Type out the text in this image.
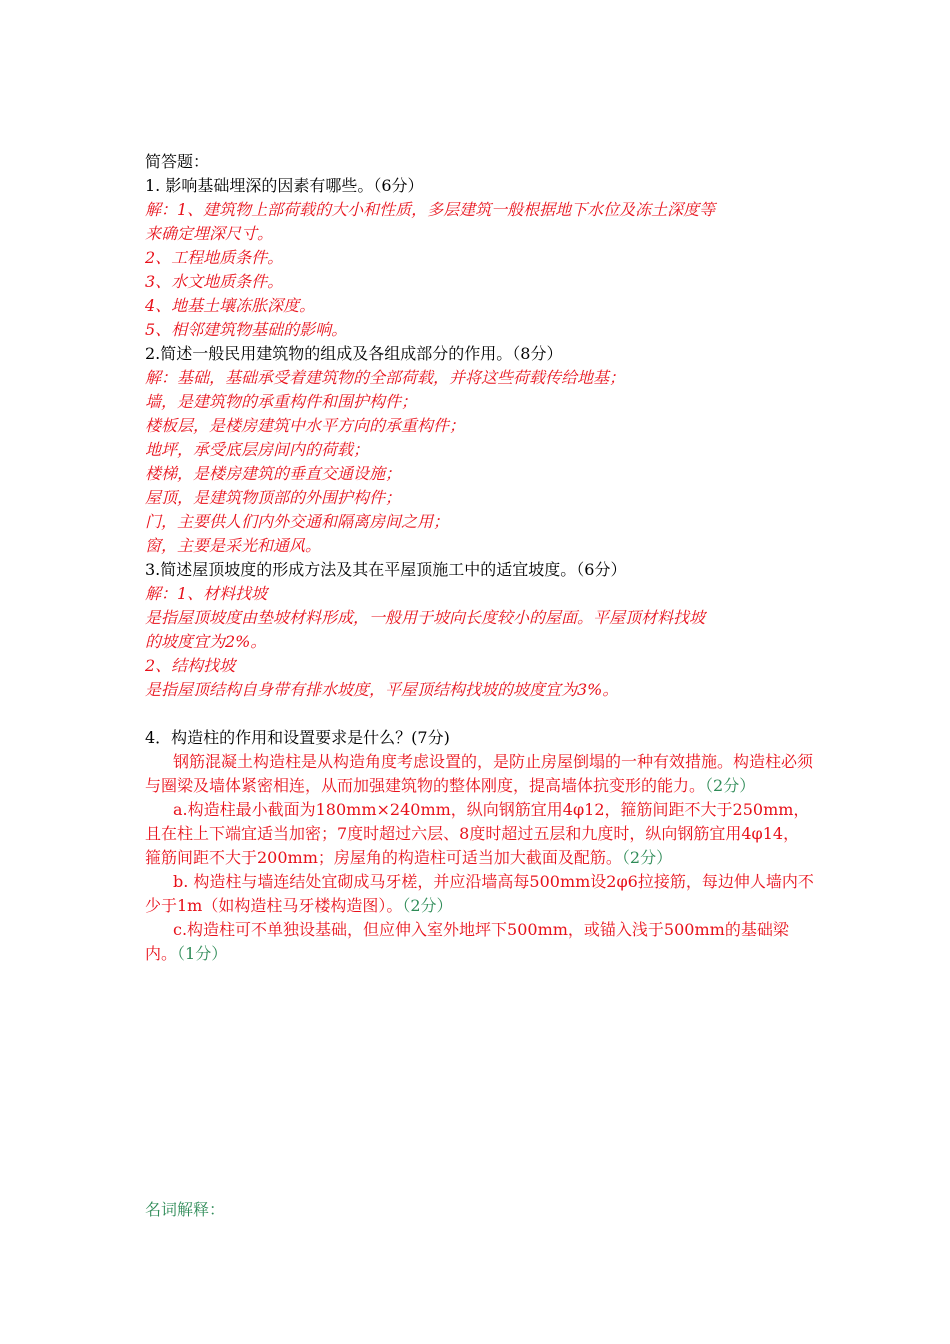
简答题：
1. 影响基础埋深的因素有哪些。（6分）
解：1、建筑物上部荷载的大小和性质，多层建筑一般根据地下水位及冻土深度等
来确定埋深尺寸。
2、工程地质条件。
3、水文地质条件。
4、地基土壤冻胀深度。
5、相邻建筑物基础的影响。
2.简述一般民用建筑物的组成及各组成部分的作用。（8分）
解：基础，基础承受着建筑物的全部荷载，并将这些荷载传给地基；
墙，是建筑物的承重构件和围护构件；
楼板层，是楼房建筑中水平方向的承重构件；
地坪，承受底层房间内的荷载；
楼梯，是楼房建筑的垂直交通设施；
屋顶，是建筑物顶部的外围护构件；
门，主要供人们内外交通和隔离房间之用；
窗，主要是采光和通风。
3.简述屋顶坡度的形成方法及其在平屋顶施工中的适宜坡度。（6分）
解：1、材料找坡
是指屋顶坡度由垫坡材料形成，一般用于坡向长度较小的屋面。平屋顶材料找坡
的坡度宜为2%。
2、结构找坡
是指屋顶结构自身带有排水坡度，平屋顶结构找坡的坡度宜为3%。
4．构造柱的作用和设置要求是什么？(7分)
钢筋混凝土构造柱是从构造角度考虑设置的，是防止房屋倒塌的一种有效措施。构造柱必须与圈梁及墙体紧密相连，从而加强建筑物的整体刚度，提高墙体抗变形的能力。（2分）
a.构造柱最小截面为180mm×240mm，纵向钢筋宜用4φ12，箍筋间距不大于250mm，且在柱上下端宜适当加密；7度时超过六层、8度时超过五层和九度时，纵向钢筋宜用4φ14，箍筋间距不大于200mm；房屋角的构造柱可适当加大截面及配筋。（2分）
b. 构造柱与墙连结处宜砌成马牙槎，并应沿墙高每500mm设2φ6拉接筋，每边伸人墙内不少于1m（如构造柱马牙楼构造图）。（2分）
c.构造柱可不单独设基础，但应伸入室外地坪下500mm，或锚入浅于500mm的基础梁内。（1分）
名词解释：
